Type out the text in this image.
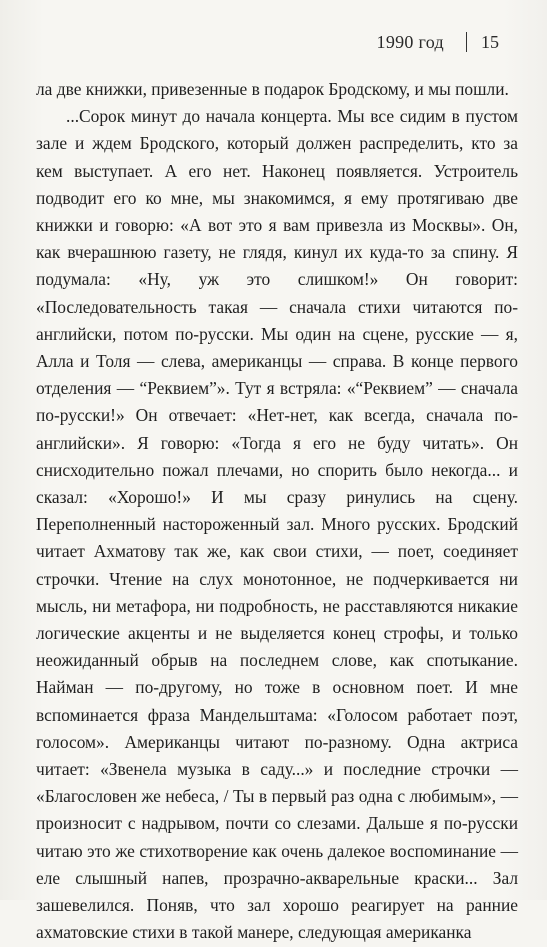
1990 год 15

ла две книжки, привезенные в подарок Бродскому, и мы пошли.

...Сорок минут до начала концерта. Мы все сидим в пустом зале и ждем Бродского, который должен распределить, кто за кем выступает. А его нет. Наконец появляется. Устроитель подводит его ко мне, мы знакомимся, я ему протягиваю две книжки и говорю: «А вот это я вам привезла из Москвы». Он, как вчерашнюю газету, не глядя, кинул их куда-то за спину. Я подумала: «Ну, уж это слишком!» Он говорит: «Последовательность такая — сначала стихи читаются по-английски, потом по-русски. Мы один на сцене, русские — я, Алла и Толя — слева, американцы — справа. В конце первого отделения — “Реквием”». Тут я встряла: «“Реквием” — сначала по-русски!» Он отвечает: «Нет-нет, как всегда, сначала по-английски». Я говорю: «Тогда я его не буду читать». Он снисходительно пожал плечами, но спорить было некогда... и сказал: «Хорошо!» И мы сразу ринулись на сцену. Переполненный настороженный зал. Много русских. Бродский читает Ахматову так же, как свои стихи, — поет, соединяет строчки. Чтение на слух монотонное, не подчеркивается ни мысль, ни метафора, ни подробность, не расставляются никакие логические акценты и не выделяется конец строфы, и только неожиданный обрыв на последнем слове, как спотыкание. Найман — по-другому, но тоже в основном поет. И мне вспоминается фраза Мандельштама: «Голосом работает поэт, голосом». Американцы читают по-разному. Одна актриса читает: «Звенела музыка в саду...» и последние строчки — «Благословен же небеса, / Ты в первый раз одна с любимым», — произносит с надрывом, почти со слезами. Дальше я по-русски читаю это же стихотворение как очень далекое воспоминание — еле слышный напев, прозрачно-акварельные краски... Зал зашевелился. Поняв, что зал хорошо реагирует на ранние ахматовские стихи в такой манере, следующая американка
